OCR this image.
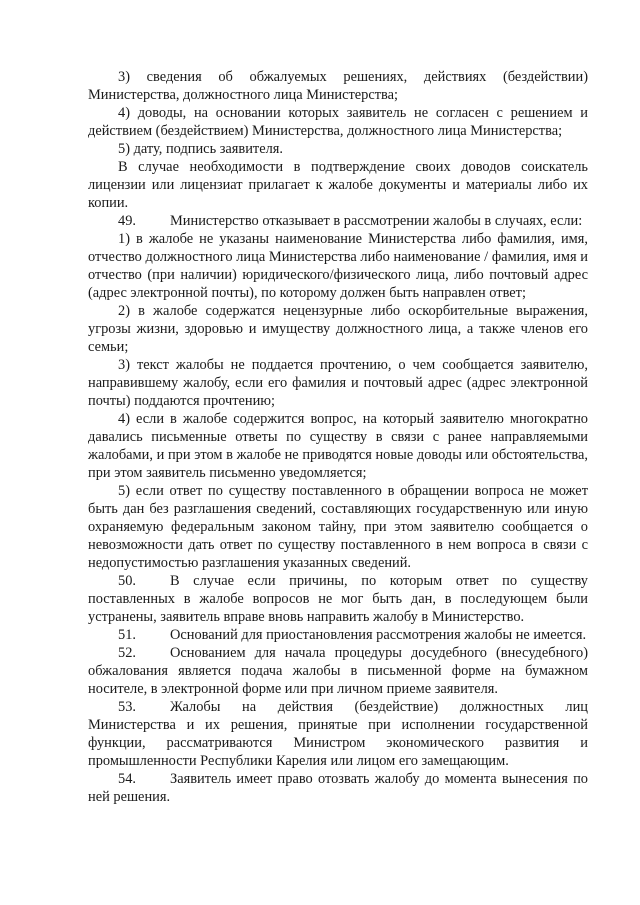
3) сведения об обжалуемых решениях, действиях (бездействии) Министерства, должностного лица Министерства;

4) доводы, на основании которых заявитель не согласен с решением и действием (бездействием) Министерства, должностного лица Министерства;

5) дату, подпись заявителя.

В случае необходимости в подтверждение своих доводов соискатель лицензии или лицензиат прилагает к жалобе документы и материалы либо их копии.

49. Министерство отказывает в рассмотрении жалобы в случаях, если:

1) в жалобе не указаны наименование Министерства либо фамилия, имя, отчество должностного лица Министерства либо наименование / фамилия, имя и отчество (при наличии) юридического/физического лица, либо почтовый адрес (адрес электронной почты), по которому должен быть направлен ответ;

2) в жалобе содержатся нецензурные либо оскорбительные выражения, угрозы жизни, здоровью и имуществу должностного лица, а также членов его семьи;

3) текст жалобы не поддается прочтению, о чем сообщается заявителю, направившему жалобу, если его фамилия и почтовый адрес (адрес электронной почты) поддаются прочтению;

4) если в жалобе содержится вопрос, на который заявителю многократно давались письменные ответы по существу в связи с ранее направляемыми жалобами, и при этом в жалобе не приводятся новые доводы или обстоятельства, при этом заявитель письменно уведомляется;

5) если ответ по существу поставленного в обращении вопроса не может быть дан без разглашения сведений, составляющих государственную или иную охраняемую федеральным законом тайну, при этом заявителю сообщается о невозможности дать ответ по существу поставленного в нем вопроса в связи с недопустимостью разглашения указанных сведений.

50. В случае если причины, по которым ответ по существу поставленных в жалобе вопросов не мог быть дан, в последующем были устранены, заявитель вправе вновь направить жалобу в Министерство.

51. Оснований для приостановления рассмотрения жалобы не имеется.

52. Основанием для начала процедуры досудебного (внесудебного) обжалования является подача жалобы в письменной форме на бумажном носителе, в электронной форме или при личном приеме заявителя.

53. Жалобы на действия (бездействие) должностных лиц Министерства и их решения, принятые при исполнении государственной функции, рассматриваются Министром экономического развития и промышленности Республики Карелия или лицом его замещающим.

54. Заявитель имеет право отозвать жалобу до момента вынесения по ней решения.
